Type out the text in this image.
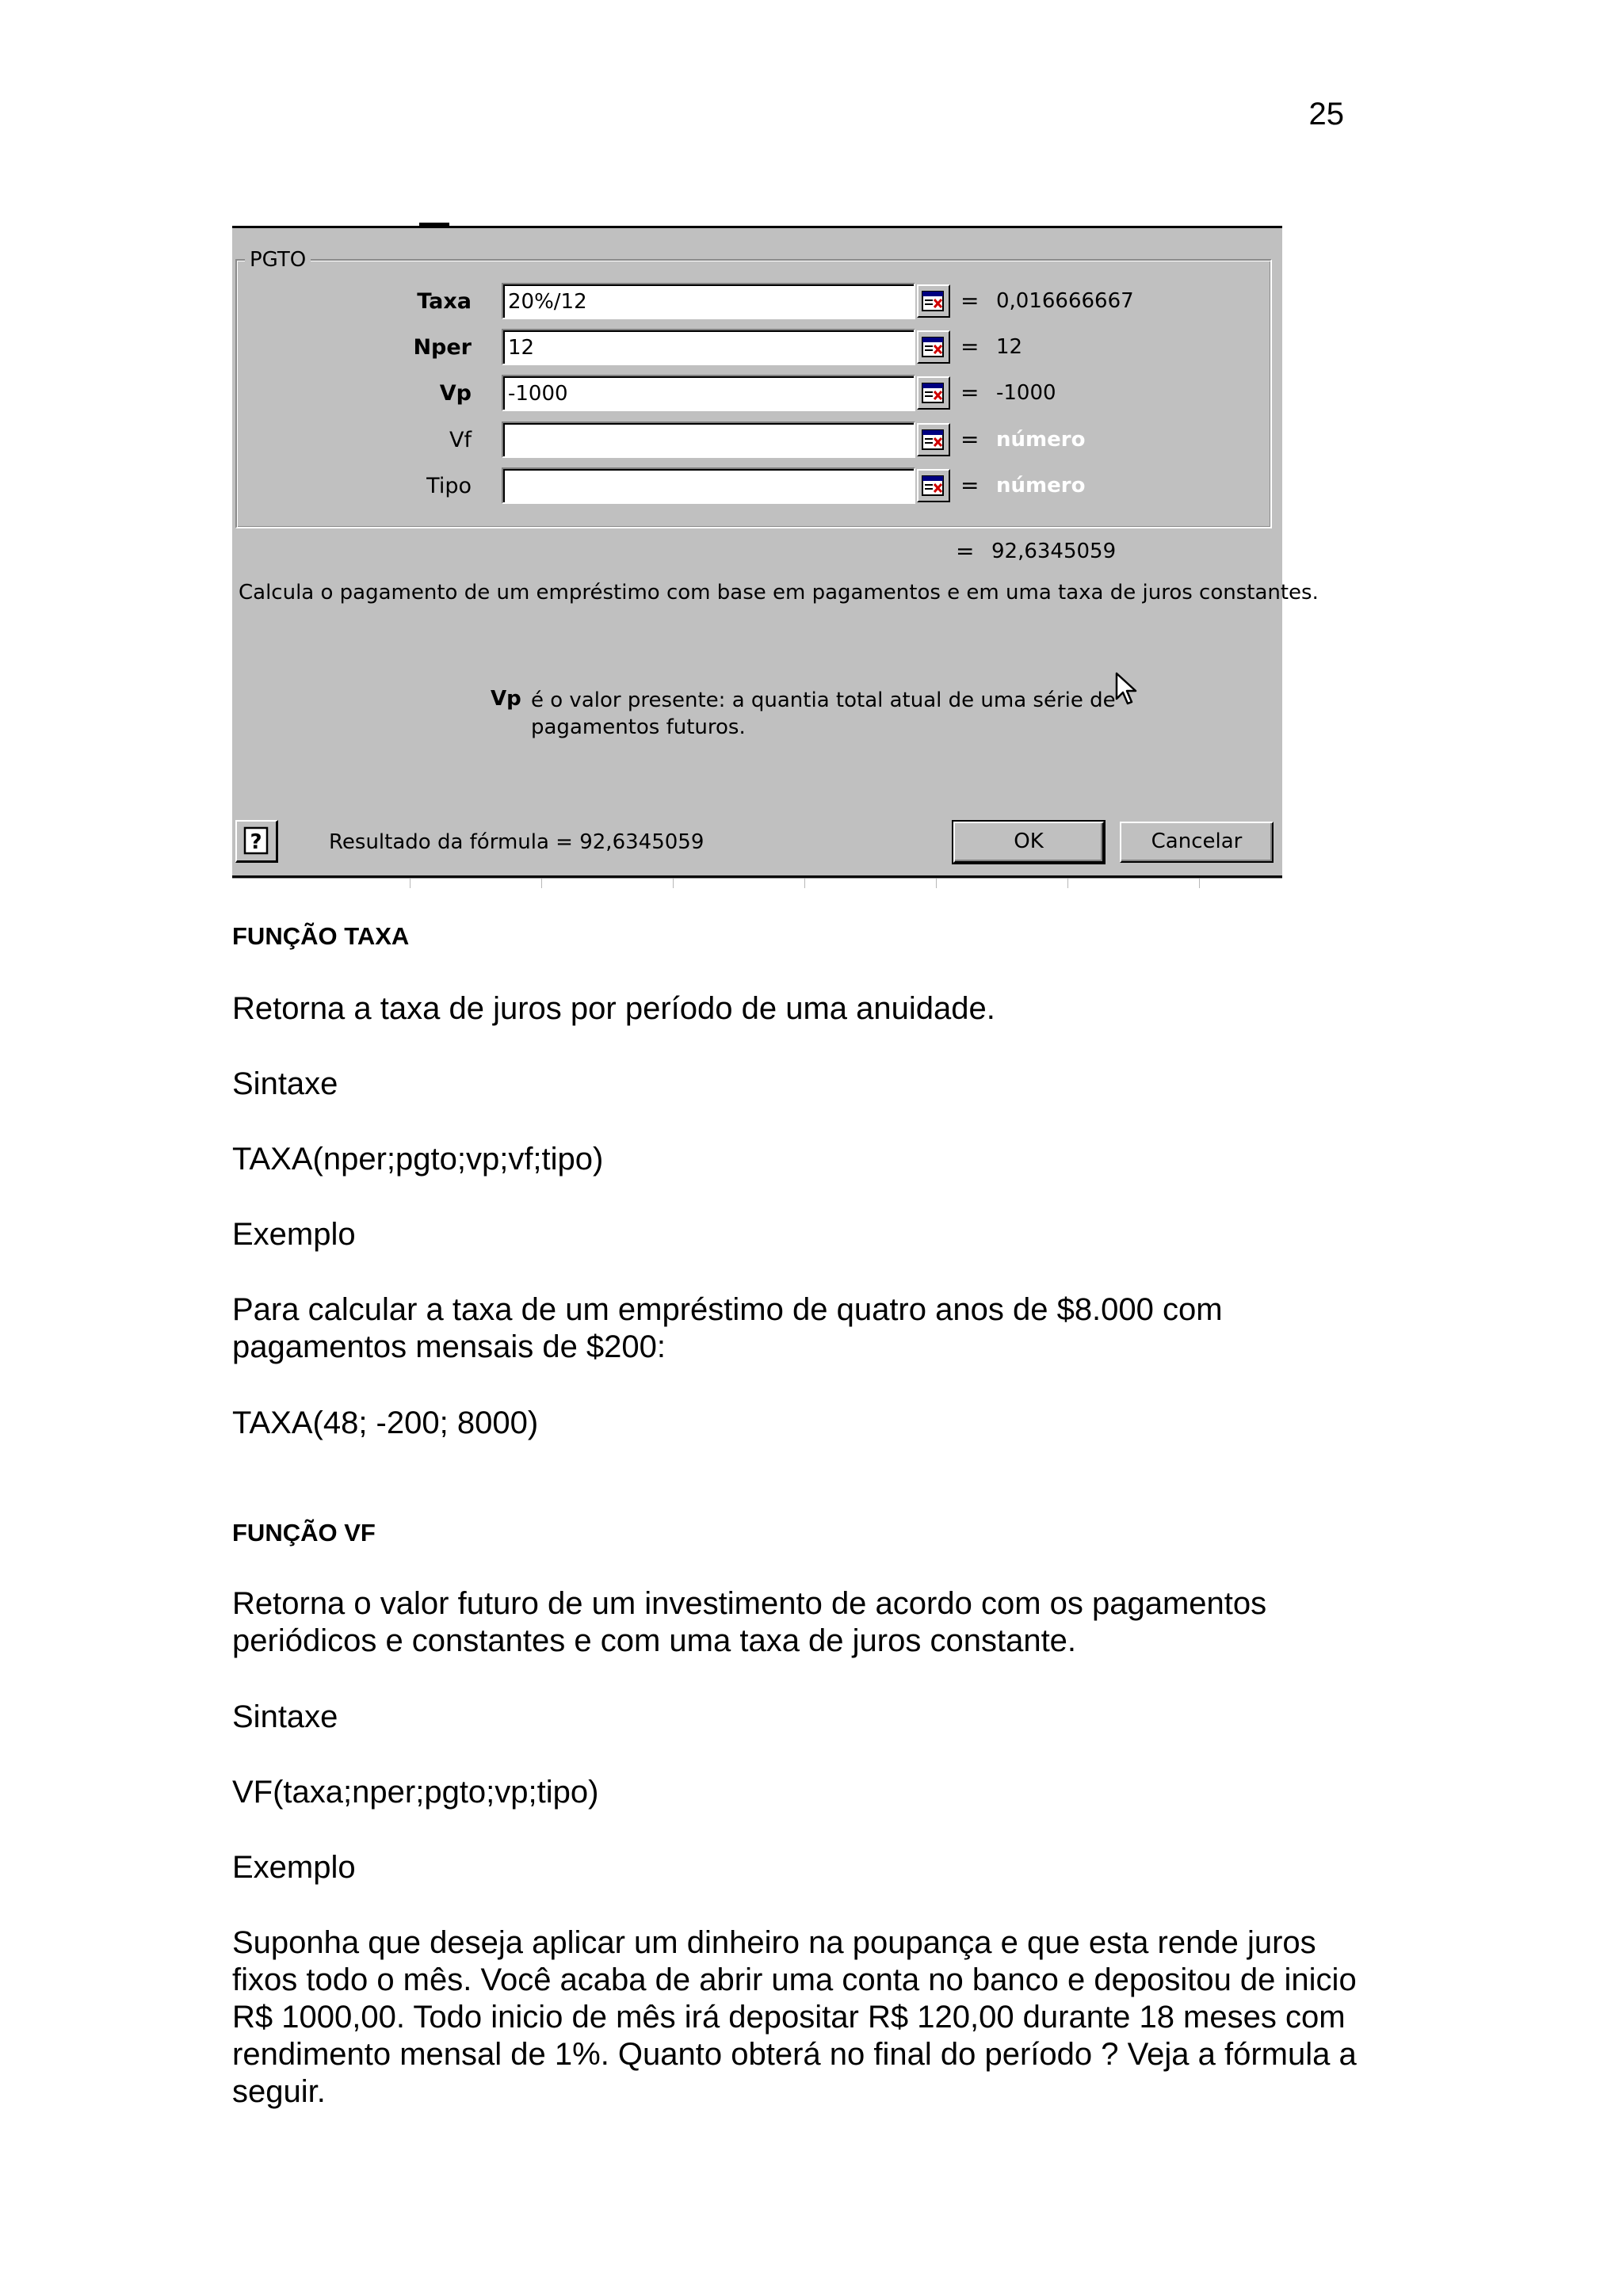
25
PGTO
Taxa	20%/12	= 0,016666667
Nper	12	= 12
Vp	-1000	= -1000
Vf	= número
Tipo	= número
= 92,6345059
Calcula o pagamento de um empréstimo com base em pagamentos e em uma taxa de juros constantes.
Vp é o valor presente: a quantia total atual de uma série de pagamentos futuros.
?	Resultado da fórmula = 92,6345059	OK	Cancelar
FUNÇÃO TAXA

Retorna a taxa de juros por período de uma anuidade.

Sintaxe

TAXA(nper;pgto;vp;vf;tipo)

Exemplo

Para calcular a taxa de um empréstimo de quatro anos de $8.000 com pagamentos mensais de $200:

TAXA(48; -200; 8000)

FUNÇÃO VF

Retorna o valor futuro de um investimento de acordo com os pagamentos periódicos e constantes e com uma taxa de juros constante.

Sintaxe

VF(taxa;nper;pgto;vp;tipo)

Exemplo

Suponha que deseja aplicar um dinheiro na poupança e que esta rende juros fixos todo o mês. Você acaba de abrir uma conta no banco e depositou de inicio R$ 1000,00. Todo inicio de mês irá depositar R$ 120,00 durante 18 meses com rendimento mensal de 1%. Quanto obterá no final do período ? Veja a fórmula a seguir.
